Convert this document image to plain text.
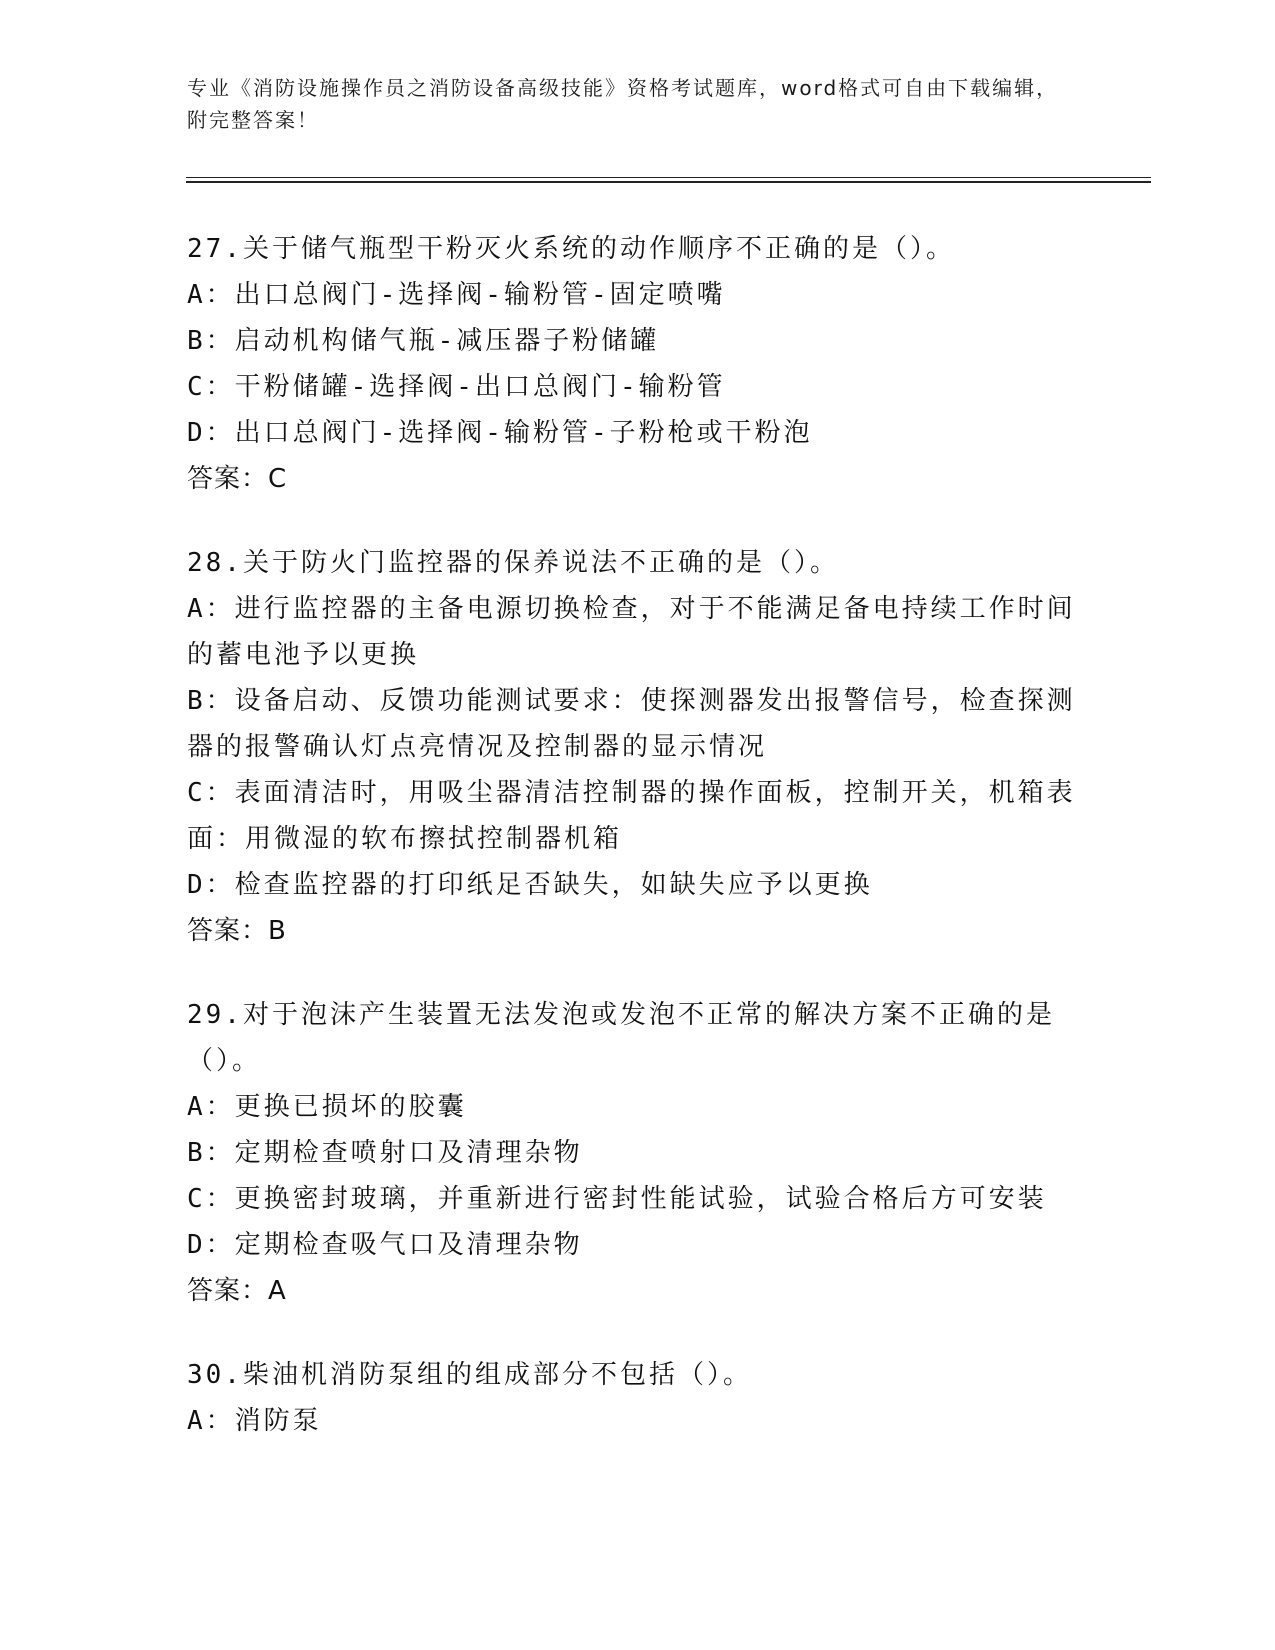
专业《消防设施操作员之消防设备高级技能》资格考试题库，word格式可自由下载编辑，附完整答案！

27.关于储气瓶型干粉灭火系统的动作顺序不正确的是（）。

A：出口总阀门-选择阀-输粉管-固定喷嘴

B：启动机构储气瓶-减压器子粉储罐

C：干粉储罐-选择阀-出口总阀门-输粉管

D：出口总阀门-选择阀-输粉管-子粉枪或干粉泡

答案：C

28.关于防火门监控器的保养说法不正确的是（）。

A：进行监控器的主备电源切换检查，对于不能满足备电持续工作时间的蓄电池予以更换

B：设备启动、反馈功能测试要求：使探测器发出报警信号，检查探测器的报警确认灯点亮情况及控制器的显示情况

C：表面清洁时，用吸尘器清洁控制器的操作面板，控制开关，机箱表面：用微湿的软布擦拭控制器机箱

D：检查监控器的打印纸足否缺失，如缺失应予以更换

答案：B

29.对于泡沫产生装置无法发泡或发泡不正常的解决方案不正确的是（）。

A：更换已损坏的胶囊

B：定期检查喷射口及清理杂物

C：更换密封玻璃，并重新进行密封性能试验，试验合格后方可安装

D：定期检查吸气口及清理杂物

答案：A

30.柴油机消防泵组的组成部分不包括（）。

A：消防泵
